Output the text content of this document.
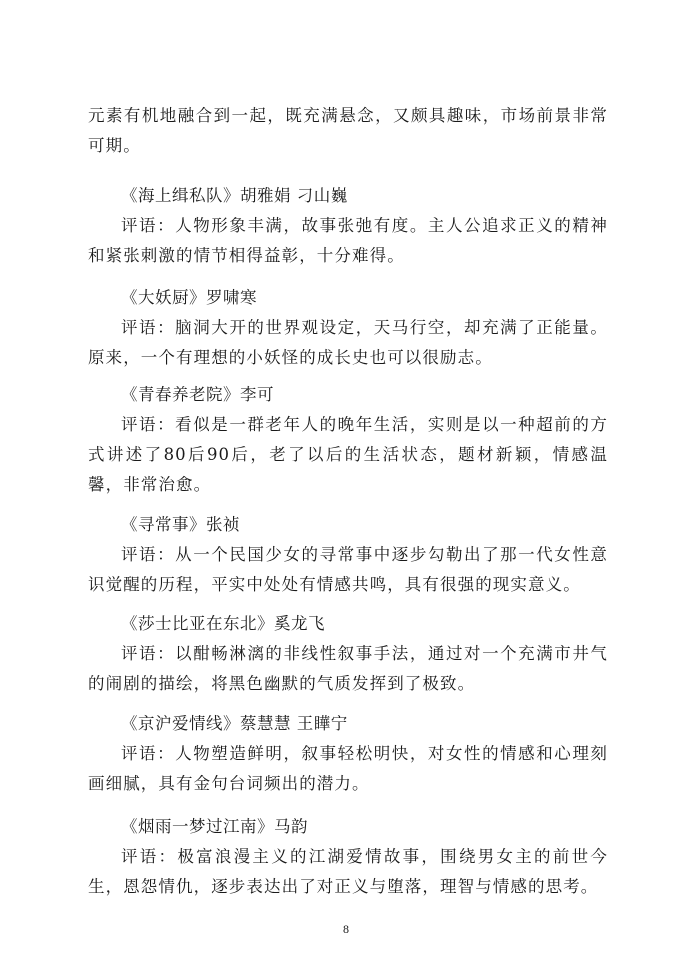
元素有机地融合到一起，既充满悬念，又颇具趣味，市场前景非常可期。

《海上缉私队》胡雅娟 刁山巍
评语：人物形象丰满，故事张弛有度。主人公追求正义的精神和紧张刺激的情节相得益彰，十分难得。
《大妖厨》罗啸寒
评语：脑洞大开的世界观设定，天马行空，却充满了正能量。原来，一个有理想的小妖怪的成长史也可以很励志。
《青春养老院》李可
评语：看似是一群老年人的晚年生活，实则是以一种超前的方式讲述了80后90后，老了以后的生活状态，题材新颖，情感温馨，非常治愈。
《寻常事》张祯
评语：从一个民国少女的寻常事中逐步勾勒出了那一代女性意识觉醒的历程，平实中处处有情感共鸣，具有很强的现实意义。
《莎士比亚在东北》奚龙飞
评语：以酣畅淋漓的非线性叙事手法，通过对一个充满市井气的闹剧的描绘，将黑色幽默的气质发挥到了极致。
《京沪爱情线》蔡慧慧 王瞱宁
评语：人物塑造鲜明，叙事轻松明快，对女性的情感和心理刻画细腻，具有金句台词频出的潜力。
《烟雨一梦过江南》马韵
评语：极富浪漫主义的江湖爱情故事，围绕男女主的前世今生，恩怨情仇，逐步表达出了对正义与堕落，理智与情感的思考。
8
